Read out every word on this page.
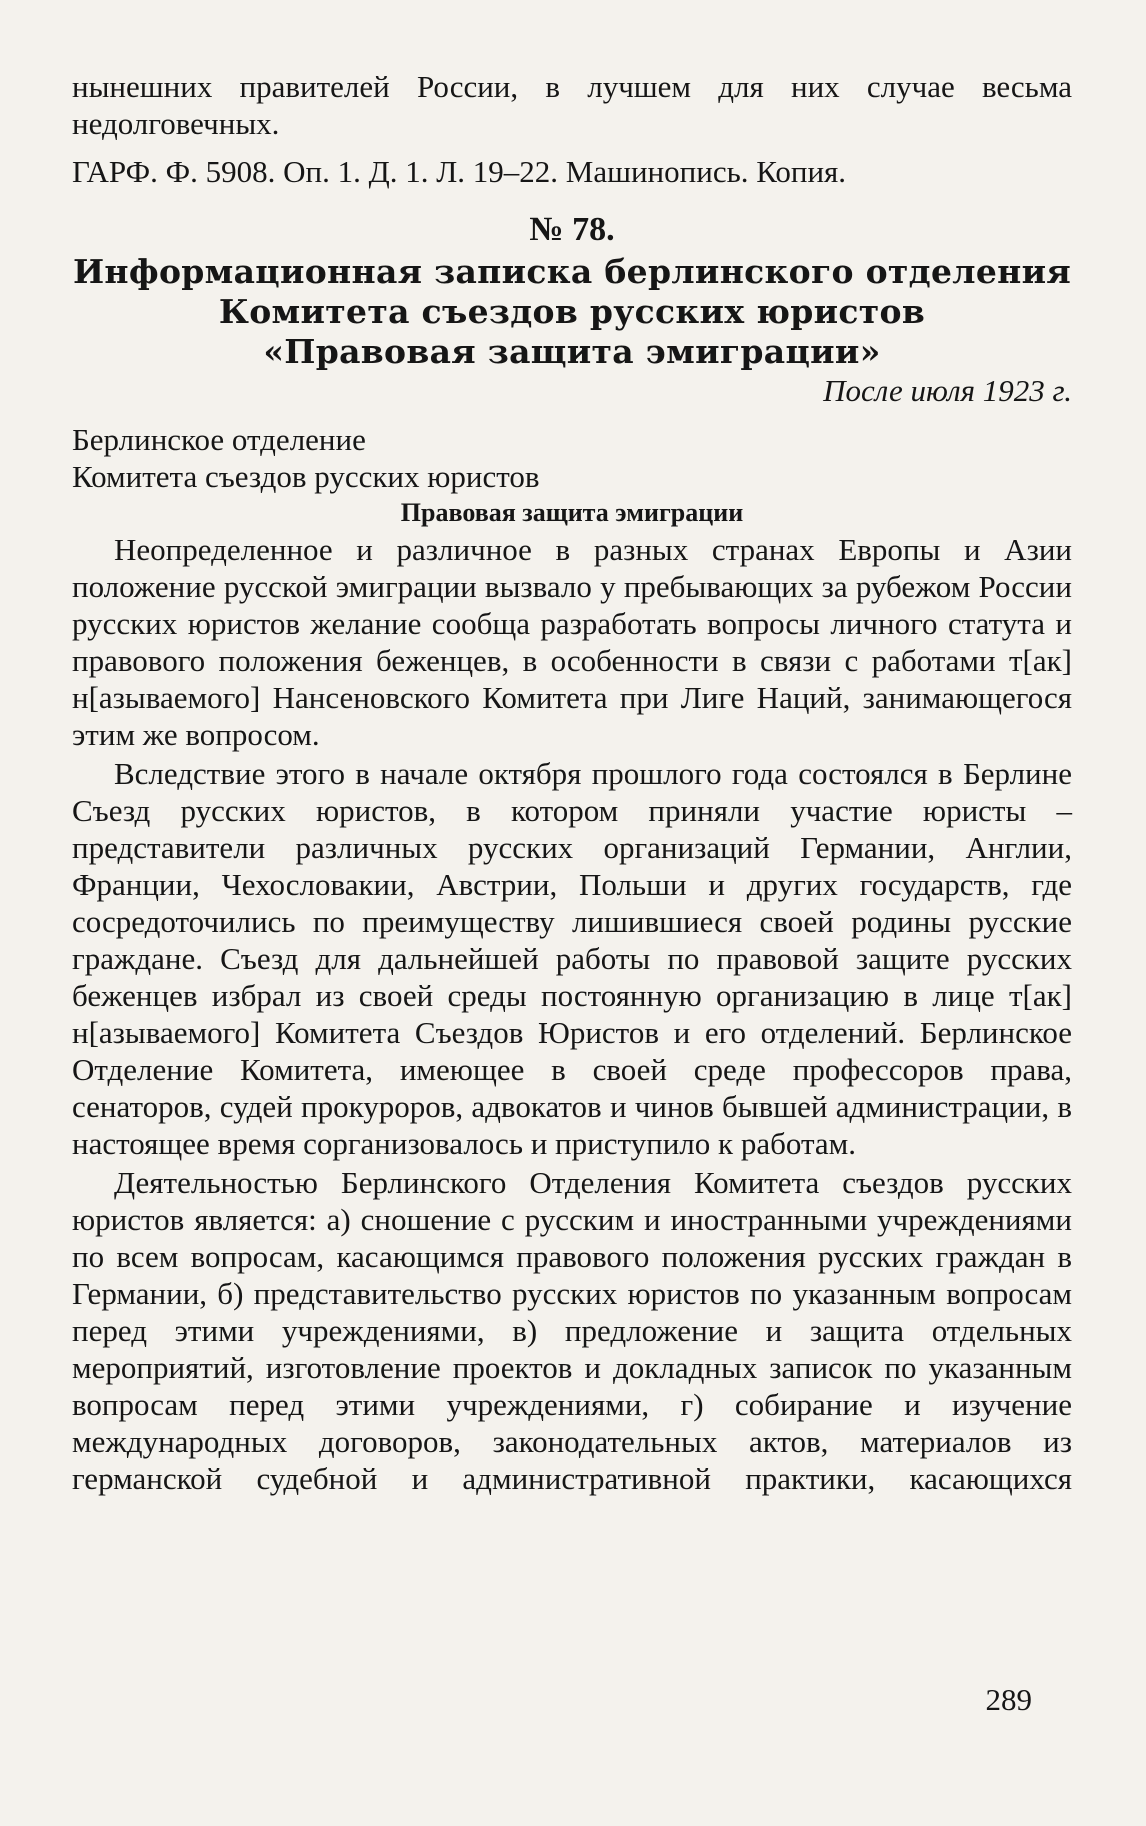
нынешних правителей России, в лучшем для них случае весьма недолговечных.

ГАРФ. Ф. 5908. Оп. 1. Д. 1. Л. 19–22. Машинопись. Копия.

№ 78.

Информационная записка берлинского отделения

Комитета съездов русских юристов

«Правовая защита эмиграции»

После июля 1923 г.

Берлинское отделение

Комитета съездов русских юристов

Правовая защита эмиграции

Неопределенное и различное в разных странах Европы и Азии положение русской эмиграции вызвало у пребывающих за рубежом России русских юристов желание сообща разработать вопросы личного статута и правового положения беженцев, в особенности в связи с работами т[ак] н[азываемого] Нансеновского Комитета при Лиге Наций, занимающегося этим же вопросом.

Вследствие этого в начале октября прошлого года состоялся в Берлине Съезд русских юристов, в котором приняли участие юристы – представители различных русских организаций Германии, Англии, Франции, Чехословакии, Австрии, Польши и других государств, где сосредоточились по преимуществу лишившиеся своей родины русские граждане. Съезд для дальнейшей работы по правовой защите русских беженцев избрал из своей среды постоянную организацию в лице т[ак] н[азываемого] Комитета Съездов Юристов и его отделений. Берлинское Отделение Комитета, имеющее в своей среде профессоров права, сенаторов, судей прокуроров, адвокатов и чинов бывшей администрации, в настоящее время сорганизовалось и приступило к работам.

Деятельностью Берлинского Отделения Комитета съездов русских юристов является: а) сношение с русским и иностранными учреждениями по всем вопросам, касающимся правового положения русских граждан в Германии, б) представительство русских юристов по указанным вопросам перед этими учреждениями, в) предложение и защита отдельных мероприятий, изготовление проектов и докладных записок по указанным вопросам перед этими учреждениями, г) собирание и изучение международных договоров, законодательных актов, материалов из германской судебной и административной практики, касающихся

289
